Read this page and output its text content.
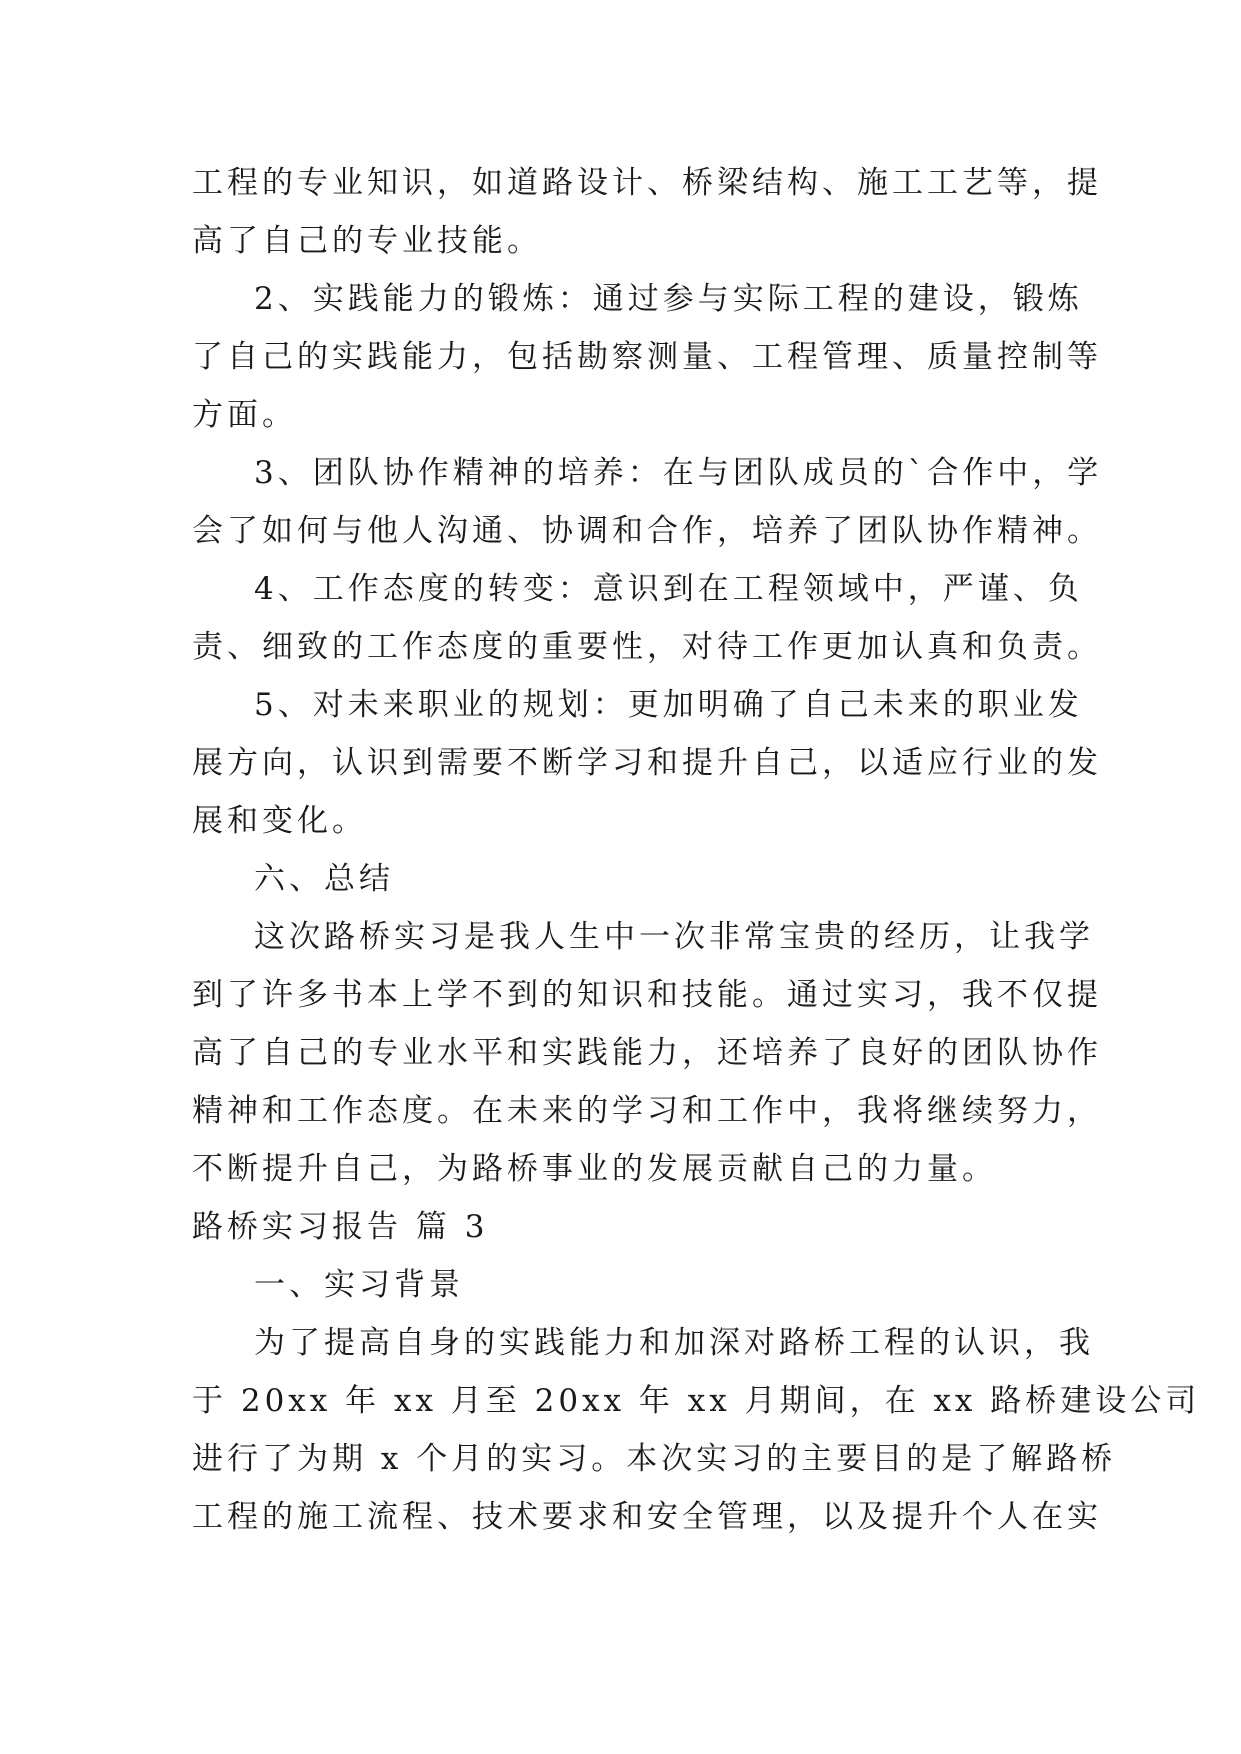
工程的专业知识，如道路设计、桥梁结构、施工工艺等，提
高了自己的专业技能。
2、实践能力的锻炼：通过参与实际工程的建设，锻炼
了自己的实践能力，包括勘察测量、工程管理、质量控制等
方面。
3、团队协作精神的培养：在与团队成员的`合作中，学
会了如何与他人沟通、协调和合作，培养了团队协作精神。
4、工作态度的转变：意识到在工程领域中，严谨、负
责、细致的工作态度的重要性，对待工作更加认真和负责。
5、对未来职业的规划：更加明确了自己未来的职业发
展方向，认识到需要不断学习和提升自己，以适应行业的发
展和变化。
六、总结
这次路桥实习是我人生中一次非常宝贵的经历，让我学
到了许多书本上学不到的知识和技能。通过实习，我不仅提
高了自己的专业水平和实践能力，还培养了良好的团队协作
精神和工作态度。在未来的学习和工作中，我将继续努力，
不断提升自己，为路桥事业的发展贡献自己的力量。
路桥实习报告 篇 3
一、实习背景
为了提高自身的实践能力和加深对路桥工程的认识，我
于 20xx 年 xx 月至 20xx 年 xx 月期间，在 xx 路桥建设公司
进行了为期 x 个月的实习。本次实习的主要目的是了解路桥
工程的施工流程、技术要求和安全管理，以及提升个人在实
